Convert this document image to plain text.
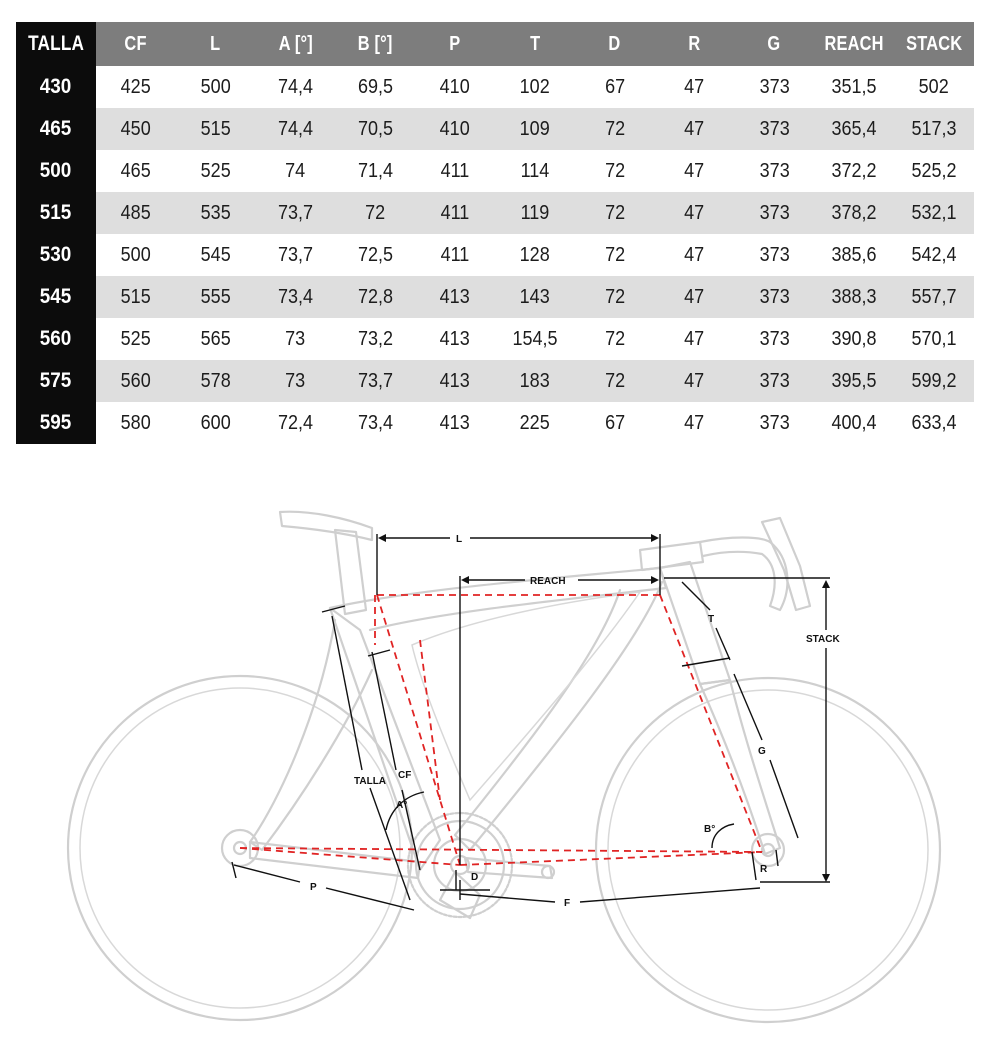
TALLA	CF	L	A [°]	B [°]	P	T	D	R	G	REACH	STACK
430	425	500	74,4	69,5	410	102	67	47	373	351,5	502
465	450	515	74,4	70,5	410	109	72	47	373	365,4	517,3
500	465	525	74	71,4	411	114	72	47	373	372,2	525,2
515	485	535	73,7	72	411	119	72	47	373	378,2	532,1
530	500	545	73,7	72,5	411	128	72	47	373	385,6	542,4
545	515	555	73,4	72,8	413	143	72	47	373	388,3	557,7
560	525	565	73	73,2	413	154,5	72	47	373	390,8	570,1
575	560	578	73	73,7	413	183	72	47	373	395,5	599,2
595	580	600	72,4	73,4	413	225	67	47	373	400,4	633,4
L
REACH
STACK
T
G
TALLA
CF
A°
B°
P
D
F
R
